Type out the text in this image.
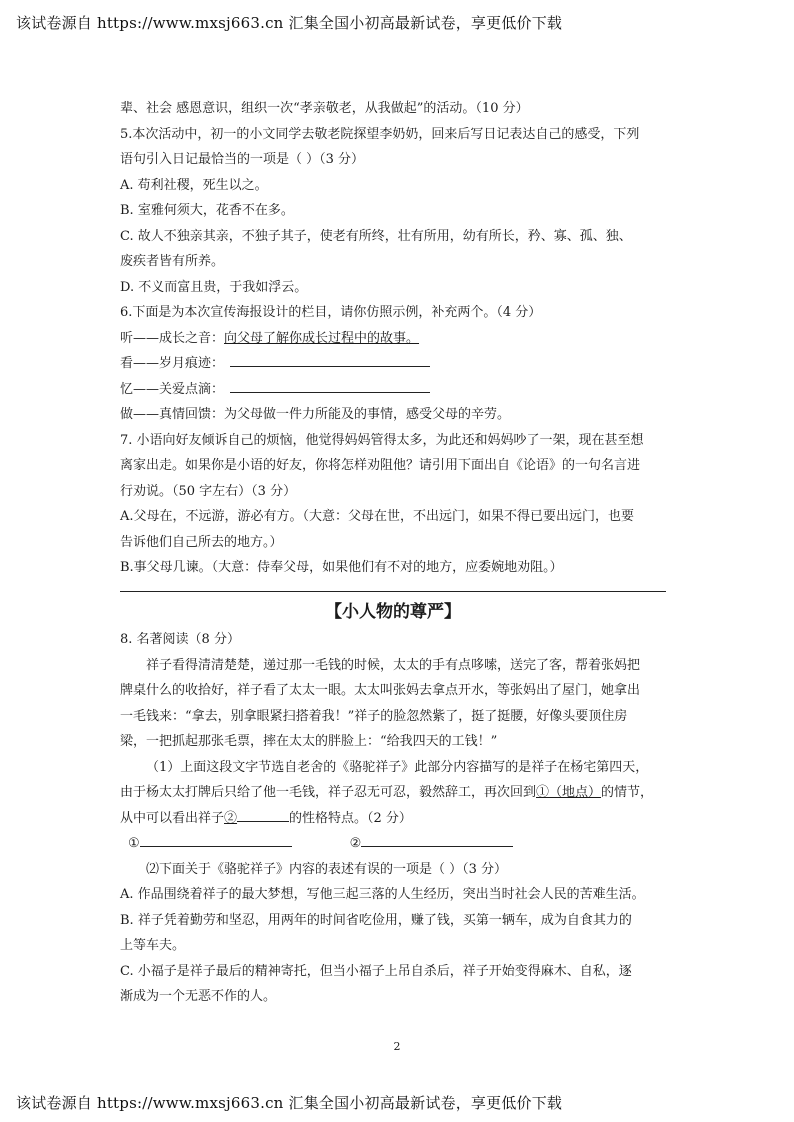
该试卷源自 https://www.mxsj663.cn 汇集全国小初高最新试卷，享更低价下载
辈、社会 感恩意识，组织一次“孝亲敬老，从我做起”的活动。（10 分）
5.本次活动中，初一的小文同学去敬老院探望李奶奶，回来后写日记表达自己的感受，下列
语句引入日记最恰当的一项是（ ）（3 分）
A. 苟利社稷，死生以之。
B. 室雅何须大，花香不在多。
C. 故人不独亲其亲，不独子其子，使老有所终，壮有所用，幼有所长，矜、寡、孤、独、
废疾者皆有所养。
D. 不义而富且贵，于我如浮云。
6.下面是为本次宣传海报设计的栏目，请你仿照示例，补充两个。（4 分）
听——成长之音：向父母了解你成长过程中的故事。
看——岁月痕迹：
忆——关爱点滴：
做——真情回馈：为父母做一件力所能及的事情，感受父母的辛劳。
7. 小语向好友倾诉自己的烦恼，他觉得妈妈管得太多，为此还和妈妈吵了一架，现在甚至想
离家出走。如果你是小语的好友，你将怎样劝阻他？请引用下面出自《论语》的一句名言进
行劝说。（50 字左右）（3 分）
A.父母在，不远游，游必有方。（大意：父母在世，不出远门，如果不得已要出远门，也要
告诉他们自己所去的地方。）
B.事父母几谏。（大意：侍奉父母，如果他们有不对的地方，应委婉地劝阻。）
【小人物的尊严】
8. 名著阅读（8 分）
祥子看得清清楚楚，递过那一毛钱的时候，太太的手有点哆嗦，送完了客，帮着张妈把
牌桌什么的收拾好，祥子看了太太一眼。太太叫张妈去拿点开水，等张妈出了屋门，她拿出
一毛钱来：“拿去，别拿眼紧扫搭着我！”祥子的脸忽然紫了，挺了挺腰，好像头要顶住房
梁，一把抓起那张毛票，摔在太太的胖脸上：“给我四天的工钱！”
（1）上面这段文字节选自老舍的《骆驼祥子》此部分内容描写的是祥子在杨宅第四天，
由于杨太太打牌后只给了他一毛钱，祥子忍无可忍，毅然辞工，再次回到①（地点）的情节，
从中可以看出祥子②	的性格特点。（2 分）
①	②
⑵下面关于《骆驼祥子》内容的表述有误的一项是（ ）（3 分）
A. 作品围绕着祥子的最大梦想，写他三起三落的人生经历，突出当时社会人民的苦难生活。
B. 祥子凭着勤劳和坚忍，用两年的时间省吃俭用，赚了钱，买第一辆车，成为自食其力的
上等车夫。
C. 小福子是祥子最后的精神寄托，但当小福子上吊自杀后，祥子开始变得麻木、自私，逐
渐成为一个无恶不作的人。
2
该试卷源自 https://www.mxsj663.cn 汇集全国小初高最新试卷，享更低价下载
